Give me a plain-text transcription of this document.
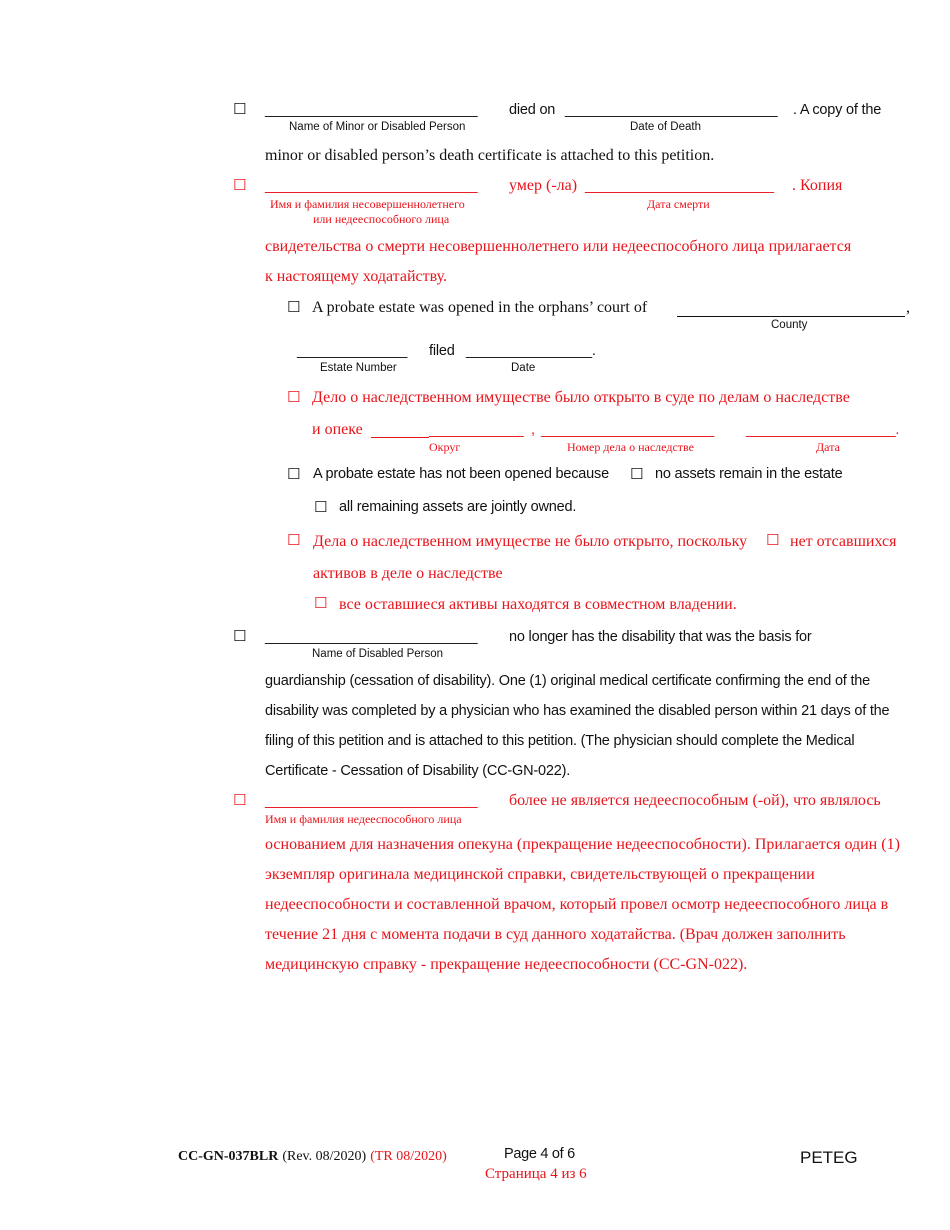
☐ ___________________________ died on ___________________________ . A copy of the
Name of Minor or Disabled Person	Date of Death
minor or disabled person’s death certificate is attached to this petition.
☐ ___________________________ умер (-ла) ________________________ . Копия
Имя и фамилия несовершеннолетнего
или недееспособного лица
Дата смерти
свидетельства о смерти несовершеннолетнего или недееспособного лица прилагается
к настоящему ходатайству.
☐ A probate estate was opened in the orphans’ court of	,
County
______________ filed ________________.
Estate Number	Date
☐ Дело о наследственном имуществе было открыто в суде по делам о наследстве
и опеке	____________ , ______________________ ___________________.
Округ	Номер дела о наследстве	Дата
☐ A probate estate has not been opened because ☐ no assets remain in the estate
☐ all remaining assets are jointly owned.
☐ Дела о наследственном имуществе не было открыто, поскольку ☐ нет отсавшихся
активов в деле о наследстве
☐ все оставшиеся активы находятся в совместном владении.
☐ ___________________________ no longer has the disability that was the basis for
Name of Disabled Person
guardianship (cessation of disability). One (1) original medical certificate confirming the end of the disability was completed by a physician who has examined the disabled person within 21 days of the filing of this petition and is attached to this petition. (The physician should complete the Medical Certificate - Cessation of Disability (CC-GN-022).
☐ ___________________________ более не является недееспособным (-ой), что являлось
Имя и фамилия недееспособного лица
основанием для назначения опекуна (прекращение недееспособности). Прилагается один (1) экземпляр оригинала медицинской справки, свидетельствующей о прекращении недееспособности и составленной врачом, который провел осмотр недееспособного лица в течение 21 дня с момента подачи в суд данного ходатайства. (Врач должен заполнить медицинскую справку - прекращение недееспособности (CC-GN-022).
CC-GN-037BLR (Rev. 08/2020) (TR 08/2020)	Page 4 of 6
Страница 4 из 6
PETEG
